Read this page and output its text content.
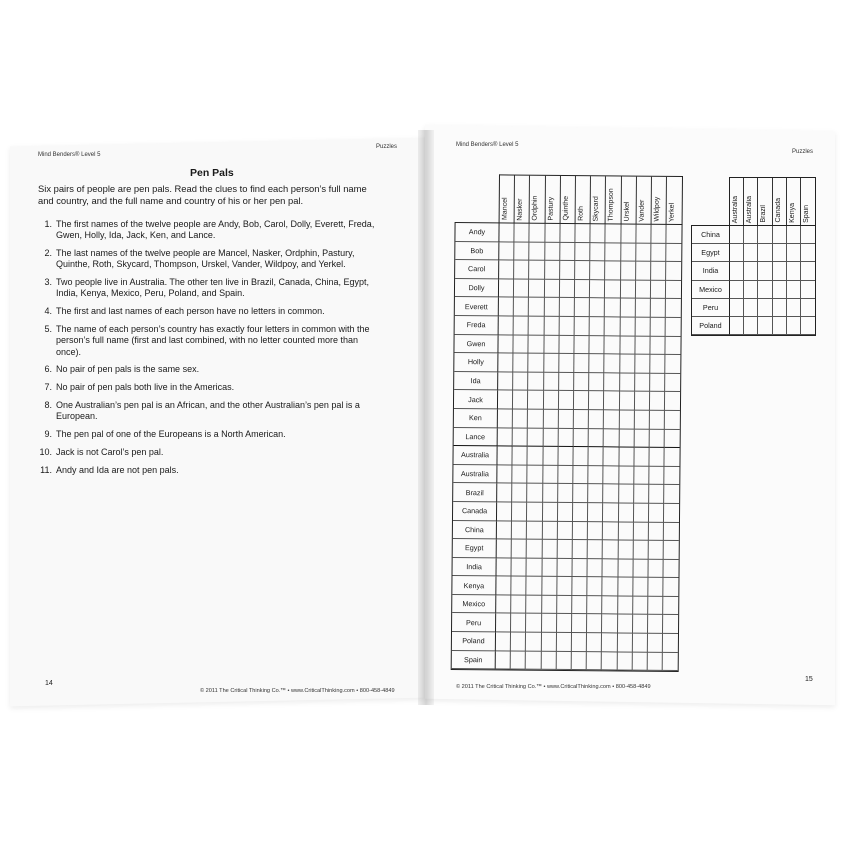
Mind Benders® Level 5
Puzzles
Pen Pals
Six pairs of people are pen pals. Read the clues to find each person’s full name and country, and the full name and country of his or her pen pal.
1. The first names of the twelve people are Andy, Bob, Carol, Dolly, Everett, Freda, Gwen, Holly, Ida, Jack, Ken, and Lance.
2. The last names of the twelve people are Mancel, Nasker, Ordphin, Pastury, Quinthe, Roth, Skycard, Thompson, Urskel, Vander, Wildpoy, and Yerkel.
3. Two people live in Australia. The other ten live in Brazil, Canada, China, Egypt, India, Kenya, Mexico, Peru, Poland, and Spain.
4. The first and last names of each person have no letters in common.
5. The name of each person’s country has exactly four letters in common with the person’s full name (first and last combined, with no letter counted more than once).
6. No pair of pen pals is the same sex.
7. No pair of pen pals both live in the Americas.
8. One Australian’s pen pal is an African, and the other Australian’s pen pal is a European.
9. The pen pal of one of the Europeans is a North American.
10. Jack is not Carol’s pen pal.
11. Andy and Ida are not pen pals.
14
© 2011 The Critical Thinking Co.™ • www.CriticalThinking.com • 800-458-4849
Mind Benders® Level 5
Puzzles
Mancel Nasker Ordphin Pastury Quinthe Roth Skycard Thompson Urskel Vander Wildpoy Yerkel
Andy
Bob
Carol
Dolly
Everett
Freda
Gwen
Holly
Ida
Jack
Ken
Lance
Australia
Australia
Brazil
Canada
China
Egypt
India
Kenya
Mexico
Peru
Poland
Spain
Australia Australia Brazil Canada Kenya Spain
China
Egypt
India
Mexico
Peru
Poland
15
© 2011 The Critical Thinking Co.™ • www.CriticalThinking.com • 800-458-4849
